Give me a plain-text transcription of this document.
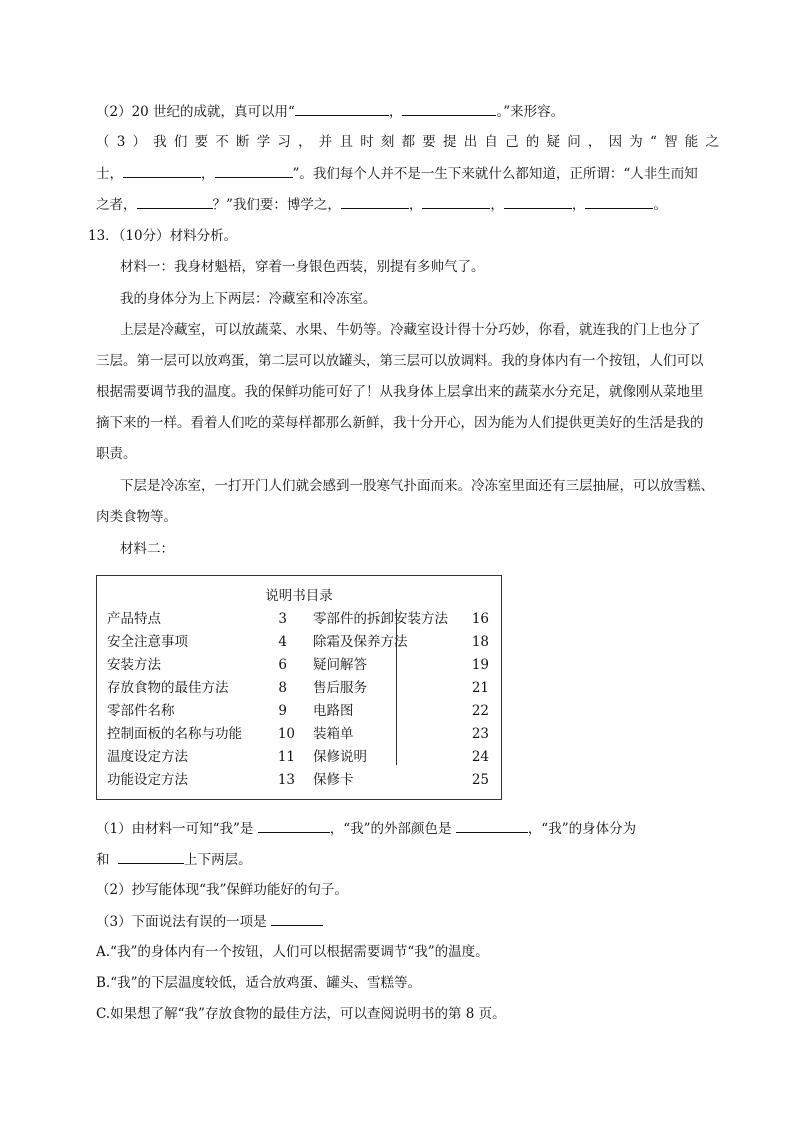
（2）20 世纪的成就，真可以用“	，	。”来形容。
（3）我们要不断学习，并且时刻都要提出自己的疑问，因为“智能之
士，	，	”。我们每个人并不是一生下来就什么都知道，正所谓：“人非生而知
之者，	？”我们要：博学之，	，	，	，	。
13．（10分）材料分析。
材料一：我身材魁梧，穿着一身银色西装，别提有多帅气了。
我的身体分为上下两层：冷藏室和冷冻室。
上层是冷藏室，可以放蔬菜、水果、牛奶等。冷藏室设计得十分巧妙，你看，就连我的门上也分了
三层。第一层可以放鸡蛋，第二层可以放罐头，第三层可以放调料。我的身体内有一个按钮，人们可以
根据需要调节我的温度。我的保鲜功能可好了！从我身体上层拿出来的蔬菜水分充足，就像刚从菜地里
摘下来的一样。看着人们吃的菜每样都那么新鲜，我十分开心，因为能为人们提供更美好的生活是我的
职责。
下层是冷冻室，一打开门人们就会感到一股寒气扑面而来。冷冻室里面还有三层抽屉，可以放雪糕、
肉类食物等。
材料二：
说明书目录
产品特点	3
安全注意事项	4
安装方法	6
存放食物的最佳方法	8
零部件名称	9
控制面板的名称与功能	10
温度设定方法	11
功能设定方法	13
零部件的拆卸安装方法	16
除霜及保养方法	18
疑问解答	19
售后服务	21
电路图	22
装箱单	23
保修说明	24
保修卡	25
（1）由材料一可知“我”是	，“我”的外部颜色是	，“我”的身体分为
和	上下两层。
（2）抄写能体现“我”保鲜功能好的句子。
（3）下面说法有误的一项是
A.“我”的身体内有一个按钮，人们可以根据需要调节“我”的温度。
B.“我”的下层温度较低，适合放鸡蛋、罐头、雪糕等。
C.如果想了解“我”存放食物的最佳方法，可以查阅说明书的第 8 页。
